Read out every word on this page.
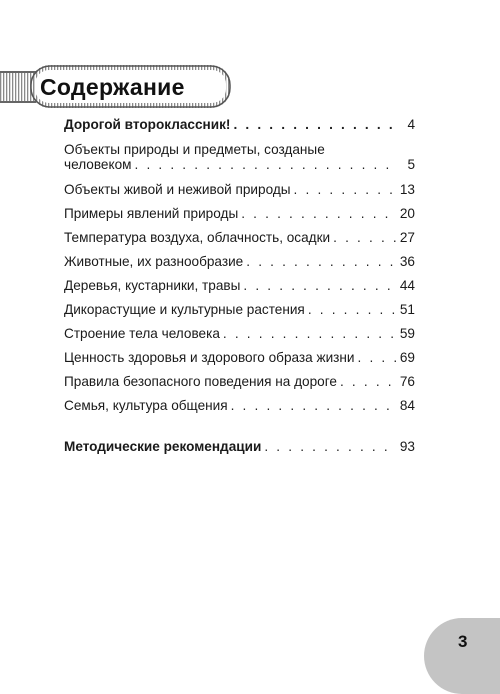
Содержание
Дорогой второклассник! . . .	4
Объекты природы и предметы, созданые
человеком . . .	5
Объекты живой и неживой природы . . .	13
Примеры явлений природы . . .	20
Температура воздуха, облачность, осадки . . .	27
Животные, их разнообразие . . .	36
Деревья, кустарники, травы . . .	44
Дикорастущие и культурные растения . . .	51
Строение тела человека . . .	59
Ценность здоровья и здорового образа жизни . . .	69
Правила безопасного поведения на дороге . . .	76
Семья, культура общения . . .	84
Методические рекомендации . . .	93
3
